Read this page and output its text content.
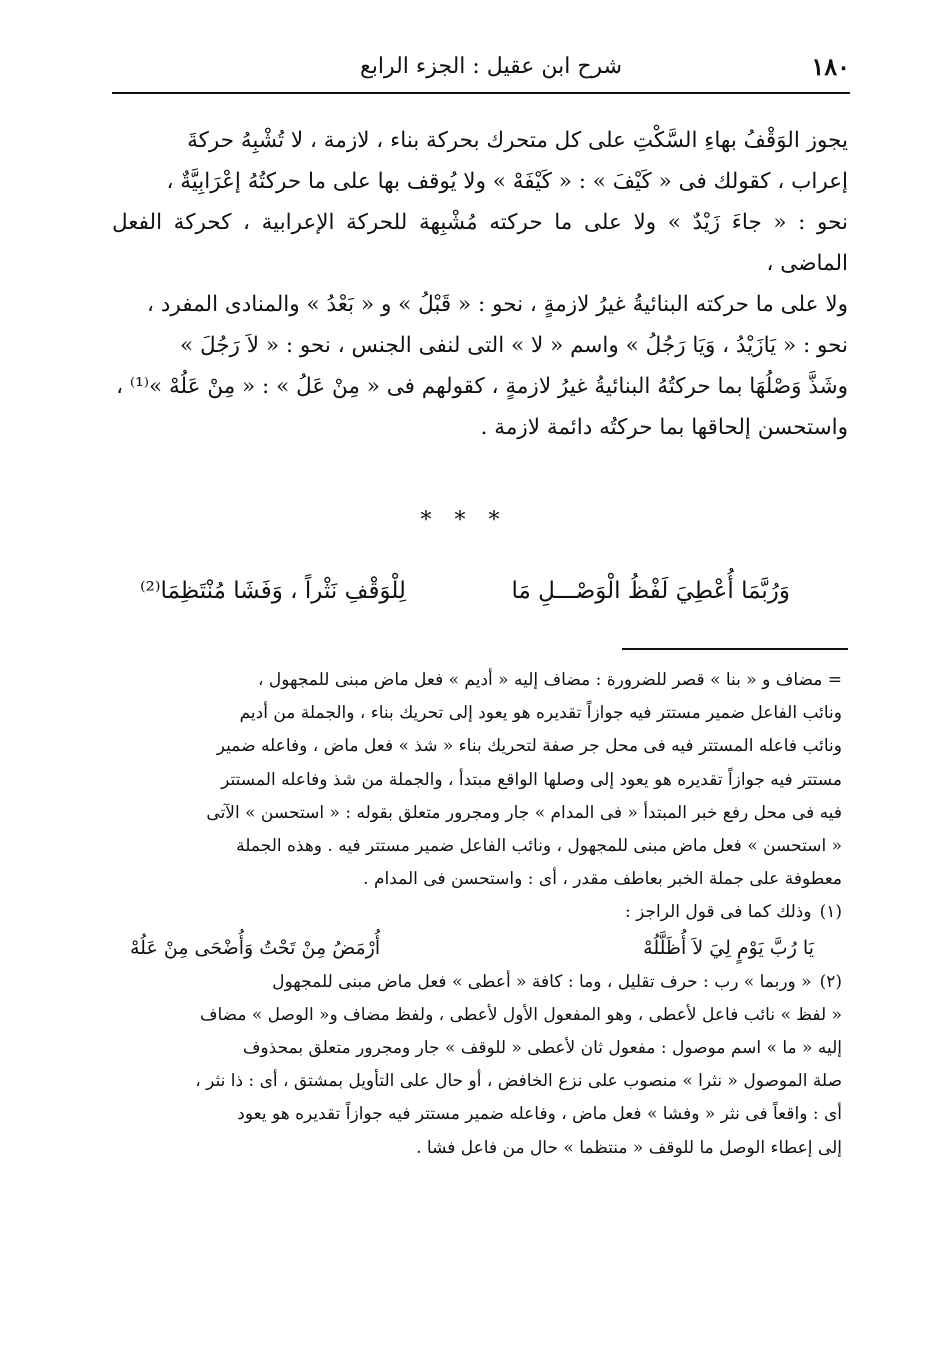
١٨٠
شرح ابن عقيل : الجزء الرابع

يجوز الوَقْفُ بهاءِ السَّكْتِ على كل متحرك بحركة بناء ، لازمة ، لا تُشْبِهُ حركةَ

إعراب ، كقولك فى « كَيْفَ » : « كَيْفَهْ » ولا يُوقف بها على ما حركتُهُ إعْرَابِيَّةٌ ،

نحو : « جاءَ زَيْدٌ » ولا على ما حركته مُشْبِهة للحركة الإعرابية ، كحركة الفعل الماضى ،

ولا على ما حركته البنائيةُ غيرُ لازمةٍ ، نحو : « قَبْلُ » و « بَعْدُ » والمنادى المفرد ،

نحو : « يَازَيْدُ ، وَيَا رَجُلُ » واسم « لا » التى لنفى الجنس ، نحو : « لاَ رَجُلَ »

وشَذَّ وَصْلُهَا بما حركتُهُ البنائيةُ غيرُ لازمةٍ ، كقولهم فى « مِنْ عَلُ » : « مِنْ عَلُهْ »⁽¹⁾ ،

واستحسن إلحاقها بما حركتُه دائمة لازمة .

* * *
وَرُبَّمَا أُعْطِيَ لَفْظُ الْوَصْـــلِ مَا
لِلْوَقْفِ نَثْراً ، وَفَشَا مُنْتَظِمَا⁽²⁾

= مضاف و « بنا » قصر للضرورة : مضاف إليه « أديم » فعل ماض مبنى للمجهول ،

ونائب الفاعل ضمير مستتر فيه جوازاً تقديره هو يعود إلى تحريك بناء ، والجملة من أديم

ونائب فاعله المستتر فيه فى محل جر صفة لتحريك بناء « شذ » فعل ماض ، وفاعله ضمير

مستتر فيه جوازاً تقديره هو يعود إلى وصلها الواقع مبتدأ ، والجملة من شذ وفاعله المستتر

فيه فى محل رفع خبر المبتدأ « فى المدام » جار ومجرور متعلق بقوله : « استحسن » الآتى

« استحسن » فعل ماض مبنى للمجهول ، ونائب الفاعل ضمير مستتر فيه . وهذه الجملة

معطوفة على جملة الخبر بعاطف مقدر ، أى : واستحسن فى المدام .

(١)وذلك كما فى قول الراجز :

يَا رُبَّ يَوْمٍ لِيَ لاَ أُظَلَّلُهْ
أُرْمَضُ مِنْ تَحْتُ وَأُضْحَى مِنْ عَلُهْ

(٢)« وربما » رب : حرف تقليل ، وما : كافة « أعطى » فعل ماض مبنى للمجهول

« لفظ » نائب فاعل لأعطى ، وهو المفعول الأول لأعطى ، ولفظ مضاف و« الوصل » مضاف

إليه « ما » اسم موصول : مفعول ثان لأعطى « للوقف » جار ومجرور متعلق بمحذوف

صلة الموصول « نثرا » منصوب على نزع الخافض ، أو حال على التأويل بمشتق ، أى : ذا نثر ،

أى : واقعاً فى نثر « وفشا » فعل ماض ، وفاعله ضمير مستتر فيه جوازاً تقديره هو يعود

إلى إعطاء الوصل ما للوقف « منتظما » حال من فاعل فشا .
